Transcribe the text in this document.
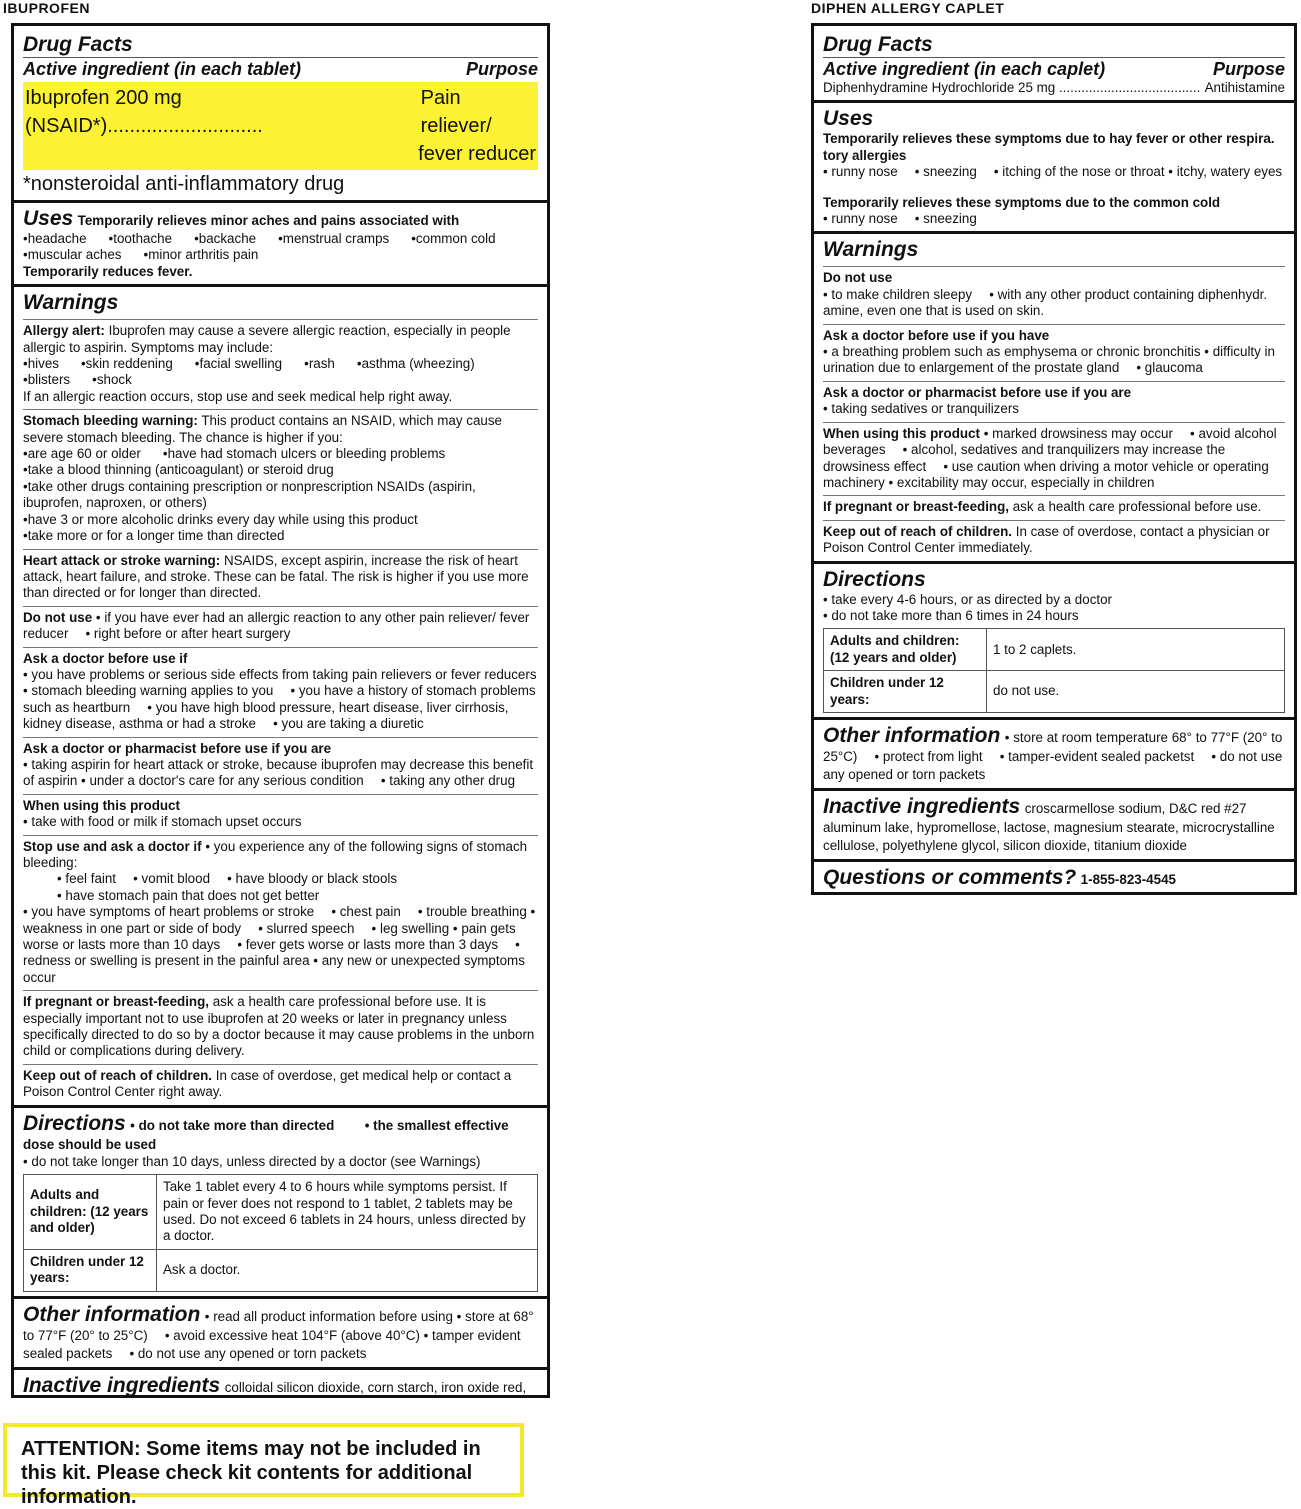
IBUPROFEN
Drug Facts
Active ingredient (in each tablet)	Purpose
Ibuprofen 200 mg (NSAID*)............................
Pain reliever/
fever reducer
*nonsteroidal anti-inflammatory drug
Uses Temporarily relieves minor aches and pains associated with
• headache	• toothache	• backache	• menstrual cramps	• common cold
• muscular aches	• minor arthritis pain
Temporarily reduces fever.
Warnings
Allergy alert: Ibuprofen may cause a severe allergic reaction, especially in people allergic to aspirin. Symptoms may include:
• hives	• skin reddening	• facial swelling	• rash	• asthma (wheezing)
• blisters	• shock
If an allergic reaction occurs, stop use and seek medical help right away.
Stomach bleeding warning: This product contains an NSAID, which may cause severe stomach bleeding. The chance is higher if you:
• are age 60 or older	• have had stomach ulcers or bleeding problems
• take a blood thinning (anticoagulant) or steroid drug
• take other drugs containing prescription or nonprescription NSAIDs (aspirin, ibuprofen, naproxen, or others)
• have 3 or more alcoholic drinks every day while using this product
• take more or for a longer time than directed
Heart attack or stroke warning: NSAIDS, except aspirin, increase the risk of heart attack, heart failure, and stroke. These can be fatal. The risk is higher if you use more than directed or for longer than directed.
Do not use • if you have ever had an allergic reaction to any other pain reliever/ fever reducer  • right before or after heart surgery
Ask a doctor before use if
• you have problems or serious side effects from taking pain relievers or fever reducers • stomach bleeding warning applies to you  • you have a history of stomach problems such as heartburn  • you have high blood pressure, heart disease, liver cirrhosis, kidney disease, asthma or had a stroke  • you are taking a diuretic
Ask a doctor or pharmacist before use if you are
• taking aspirin for heart attack or stroke, because ibuprofen may decrease this benefit of aspirin • under a doctor's care for any serious condition  • taking any other drug
When using this product
• take with food or milk if stomach upset occurs
Stop use and ask a doctor if • you experience any of the following signs of stomach bleeding:
• feel faint  • vomit blood  • have bloody or black stools
• have stomach pain that does not get better
• you have symptoms of heart problems or stroke  • chest pain  • trouble breathing • weakness in one part or side of body  • slurred speech  • leg swelling • pain gets worse or lasts more than 10 days  • fever gets worse or lasts more than 3 days  • redness or swelling is present in the painful area • any new or unexpected symptoms occur
If pregnant or breast-feeding, ask a health care professional before use. It is especially important not to use ibuprofen at 20 weeks or later in pregnancy unless specifically directed to do so by a doctor because it may cause problems in the unborn child or complications during delivery.
Keep out of reach of children. In case of overdose, get medical help or contact a Poison Control Center right away.
Directions • do not take more than directed   • the smallest effective dose should be used
• do not take longer than 10 days, unless directed by a doctor (see Warnings)
Adults and children: (12 years and older)	Take 1 tablet every 4 to 6 hours while symptoms persist. If pain or fever does not respond to 1 tablet, 2 tablets may be used. Do not exceed 6 tablets in 24 hours, unless directed by a doctor.
Children under 12 years:	Ask a doctor.
Other information • read all product information before using • store at 68° to 77°F (20° to 25°C)  • avoid excessive heat 104°F (above 40°C) • tamper evident sealed packets  • do not use any opened or torn packets
Inactive ingredients colloidal silicon dioxide, corn starch, iron oxide red,
DIPHEN ALLERGY CAPLET
Drug Facts
Active ingredient (in each caplet)	Purpose
Diphenhydramine Hydrochloride 25 mg ...................................... Antihistamine
Uses
Temporarily relieves these symptoms due to hay fever or other respira. tory allergies
• runny nose  • sneezing  • itching of the nose or throat • itchy, watery eyes
Temporarily relieves these symptoms due to the common cold
• runny nose  • sneezing
Warnings
Do not use
• to make children sleepy  • with any other product containing diphenhydr. amine, even one that is used on skin.
Ask a doctor before use if you have
• a breathing problem such as emphysema or chronic bronchitis • difficulty in urination due to enlargement of the prostate gland  • glaucoma
Ask a doctor or pharmacist before use if you are
• taking sedatives or tranquilizers
When using this product • marked drowsiness may occur  • avoid alcohol beverages  • alcohol, sedatives and tranquilizers may increase the drowsiness effect  • use caution when driving a motor vehicle or operating machinery • excitability may occur, especially in children
If pregnant or breast-feeding, ask a health care professional before use.
Keep out of reach of children. In case of overdose, contact a physician or Poison Control Center immediately.
Directions
• take every 4-6 hours, or as directed by a doctor
• do not take more than 6 times in 24 hours
Adults and children: (12 years and older)	1 to 2 caplets.
Children under 12 years:	do not use.
Other information • store at room temperature 68° to 77°F (20° to 25°C)  • protect from light  • tamper-evident sealed packetst  • do not use any opened or torn packets
Inactive ingredients croscarmellose sodium, D&C red #27 aluminum lake, hypromellose, lactose, magnesium stearate, microcrystalline cellulose, polyethylene glycol, silicon dioxide, titanium dioxide
Questions or comments? 1-855-823-4545
ATTENTION: Some items may not be included in this kit. Please check kit contents for additional information.
